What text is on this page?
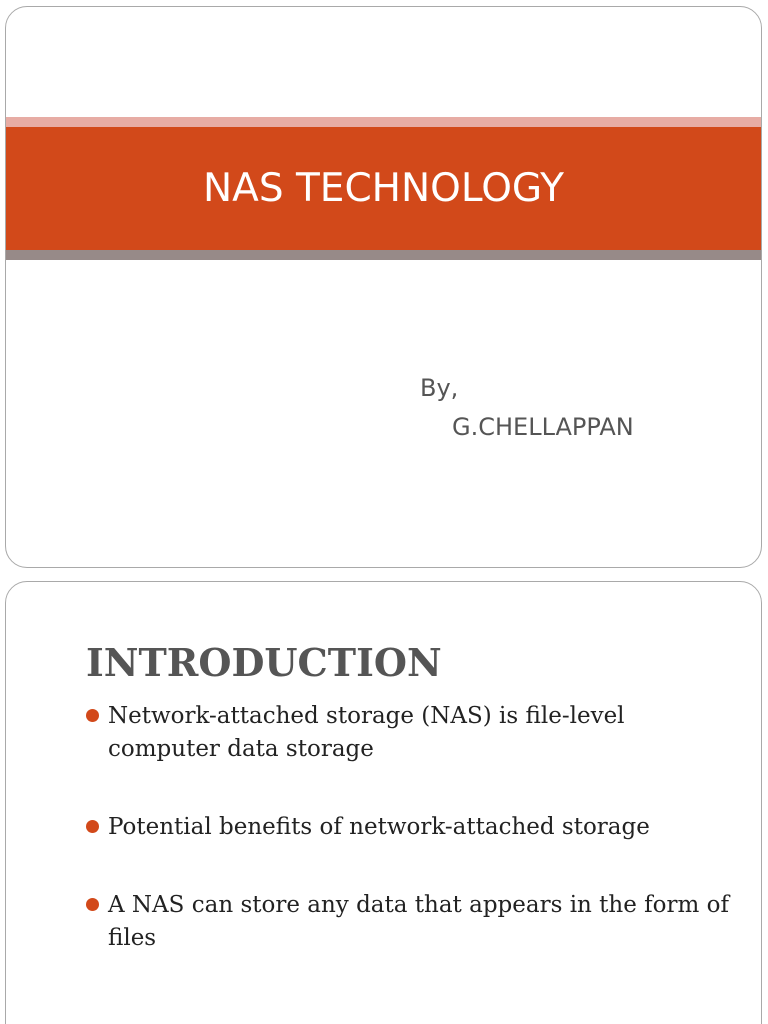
NAS TECHNOLOGY
By,
G.CHELLAPPAN
INTRODUCTION
Network-attached storage (NAS) is file-level computer data storage
Potential benefits of network-attached storage
A NAS can store any data that appears in the form of files
